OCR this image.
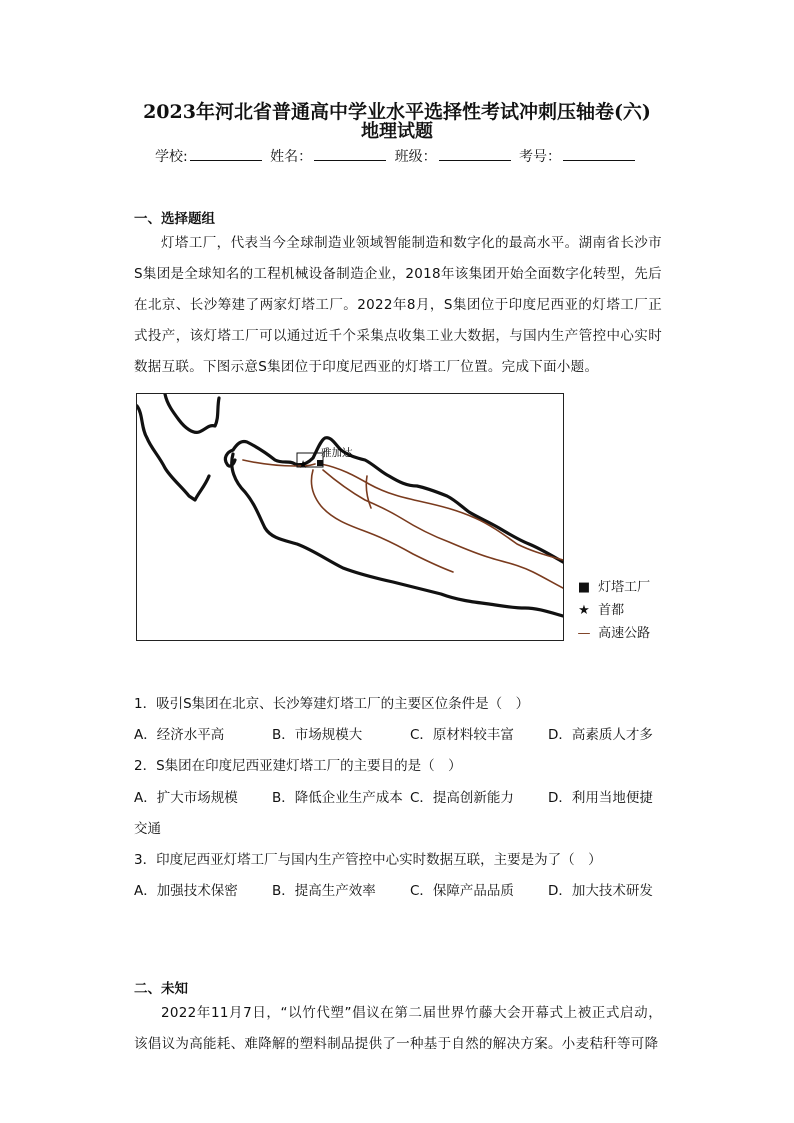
2023年河北省普通高中学业水平选择性考试冲刺压轴卷(六)
地理试题
学校:	姓名：	班级：	考号：
一、选择题组
灯塔工厂，代表当今全球制造业领域智能制造和数字化的最高水平。湖南省长沙市S集团是全球知名的工程机械设备制造企业，2018年该集团开始全面数字化转型，先后在北京、长沙筹建了两家灯塔工厂。2022年8月，S集团位于印度尼西亚的灯塔工厂正式投产，该灯塔工厂可以通过近千个采集点收集工业大数据，与国内生产管控中心实时数据互联。下图示意S集团位于印度尼西亚的灯塔工厂位置。完成下面小题。
★
雅加达
■ 灯塔工厂
★ 首都
— 高速公路
1．吸引S集团在北京、长沙筹建灯塔工厂的主要区位条件是（　）
A．经济水平高	B．市场规模大	C．原材料较丰富	D．高素质人才多
2．S集团在印度尼西亚建灯塔工厂的主要目的是（　）
A．扩大市场规模	B．降低企业生产成本 C．提高创新能力	D．利用当地便捷
交通
3．印度尼西亚灯塔工厂与国内生产管控中心实时数据互联，主要是为了（　）
A．加强技术保密	B．提高生产效率	C．保障产品品质	D．加大技术研发
二、未知
2022年11月7日，“以竹代塑”倡议在第二届世界竹藤大会开幕式上被正式启动，该倡议为高能耗、难降解的塑料制品提供了一种基于自然的解决方案。小麦秸秆等可降
